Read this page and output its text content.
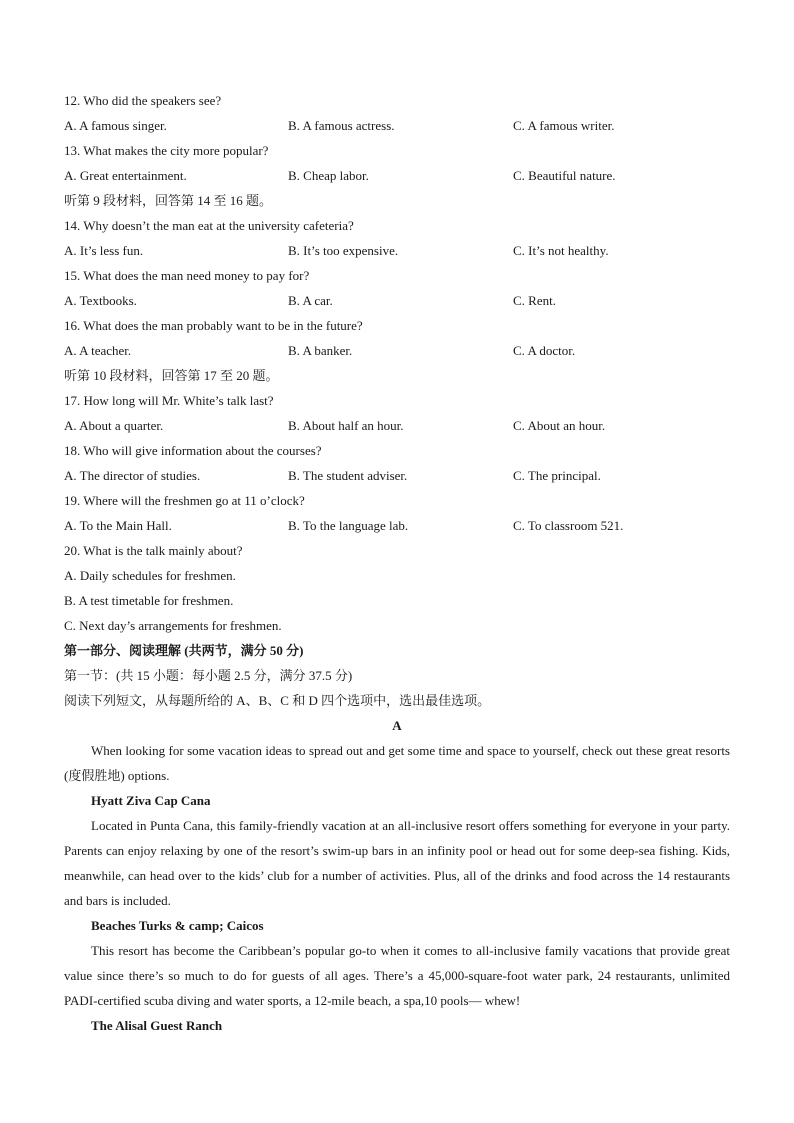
12. Who did the speakers see?
A. A famous singer.	B. A famous actress.	C. A famous writer.
13. What makes the city more popular?
A. Great entertainment.	B. Cheap labor.	C. Beautiful nature.
听第 9 段材料，回答第 14 至 16 题。
14. Why doesn’t the man eat at the university cafeteria?
A. It’s less fun.	B. It’s too expensive.	C. It’s not healthy.
15. What does the man need money to pay for?
A. Textbooks.	B. A car.	C. Rent.
16. What does the man probably want to be in the future?
A. A teacher.	B. A banker.	C. A doctor.
听第 10 段材料，回答第 17 至 20 题。
17. How long will Mr. White’s talk last?
A. About a quarter.	B. About half an hour.	C. About an hour.
18. Who will give information about the courses?
A. The director of studies.	B. The student adviser.	C. The principal.
19. Where will the freshmen go at 11 o’clock?
A. To the Main Hall.	B. To the language lab.	C. To classroom 521.
20. What is the talk mainly about?
A. Daily schedules for freshmen.
B. A test timetable for freshmen.
C. Next day’s arrangements for freshmen.
第一部分、阅读理解 (共两节，满分 50 分)
第一节：(共 15 小题：每小题 2.5 分，满分 37.5 分)
阅读下列短文，从每题所给的 A、B、C 和 D 四个选项中，选出最佳选项。
A
When looking for some vacation ideas to spread out and get some time and space to yourself, check out these great resorts (度假胜地) options.
Hyatt Ziva Cap Cana
Located in Punta Cana, this family-friendly vacation at an all-inclusive resort offers something for everyone in your party. Parents can enjoy relaxing by one of the resort’s swim-up bars in an infinity pool or head out for some deep-sea fishing. Kids, meanwhile, can head over to the kids’ club for a number of activities. Plus, all of the drinks and food across the 14 restaurants and bars is included.
Beaches Turks & camp; Caicos
This resort has become the Caribbean’s popular go-to when it comes to all-inclusive family vacations that provide great value since there’s so much to do for guests of all ages. There’s a 45,000-square-foot water park, 24 restaurants, unlimited PADI-certified scuba diving and water sports, a 12-mile beach, a spa,10 pools— whew!
The Alisal Guest Ranch
